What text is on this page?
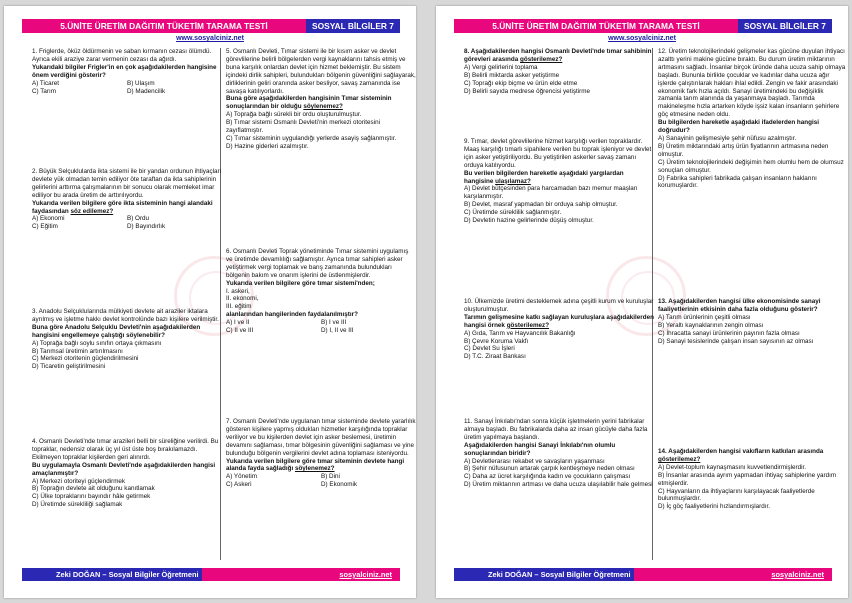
5.ÜNİTE ÜRETİM DAĞITIM TÜKETİM TARAMA TESTİ	SOSYAL BİLGİLER 7
www.sosyalciniz.net
1. Friglerde, öküz öldürmenin ve saban kırmanın cezası ölümdü. Ayrıca ekili araziye zarar vermenin cezası da ağırdı.
Yukarıdaki bilgiler Frigler'in en çok aşağıdakilerden hangisine önem verdiğini gösterir?
A) Ticaret	B) Ulaşım
C) Tarım	D) Madencilik
2. Büyük Selçuklularda ikta sistemi ile bir yandan ordunun ihtiyaçları devlete yük olmadan temin ediliyor öte taraftan da ikta sahiplerinin gelirlerini arttırma çalışmalarının bir sonucu olarak memleket imar ediliyor bu arada üretim de arttırılıyordu.
Yukarıda verilen bilgilere göre ikta sisteminin hangi alandaki faydasından söz edilemez?
A) Ekonomi	B) Ordu
C) Eğitim	D) Bayındırlık
3. Anadolu Selçuklularında mülkiyeti devlete ait araziler iktalara ayrılmış ve işletme hakkı devlet kontrolünde bazı kişilere verilmiştir.
Buna göre Anadolu Selçuklu Devleti'nin aşağıdakilerden hangisini engellemeye çalıştığı söylenebilir?
A) Toprağa bağlı soylu sınıfın ortaya çıkmasını
B) Tarımsal üretimin artırılmasını
C) Merkezi otoritenin güçlendirilmesini
D) Ticaretin geliştirilmesini
4. Osmanlı Devleti'nde tımar arazileri belli bir süreliğine verilirdi. Bu topraklar, nedensiz olarak üç yıl üst üste boş bırakılamazdı. Ekilmeyen topraklar kişilerden geri alınırdı.
Bu uygulamayla Osmanlı Devleti'nde aşağıdakilerden hangisi amaçlanmıştır?
A) Merkezi otoriteyi güçlendirmek
B) Toprağın devlete ait olduğunu kanıtlamak
C) Ülke topraklarını bayındır hâle getirmek
D) Üretimde sürekliliği sağlamak
5. Osmanlı Devleti, Tımar sistemi ile bir kısım asker ve devlet görevlilerine belirli bölgelerden vergi kaynaklarını tahsis etmiş ve buna karşılık onlardan devlet için hizmet beklemiştir. Bu sistem içindeki dirlik sahipleri, bulundukları bölgenin güvenliğini sağlayarak, dirliklerinin geliri oranında asker besliyor, savaş zamanında ise savaşa katılıyorlardı.
Buna göre aşağıdakilerden hangisinin Tımar sisteminin sonuçlarından bir olduğu söylenemez?
A) Toprağa bağlı sürekli bir ordu oluşturulmuştur.
B) Tımar sistemi Osmanlı Devleti'nin merkezi otoritesini zayıflatmıştır.
C) Tımar sisteminin uygulandığı yerlerde asayiş sağlanmıştır.
D) Hazine giderleri azalmıştır.
6. Osmanlı Devleti Toprak yönetiminde Tımar sistemini uygulamış ve üretimde devamlılığı sağlamıştır. Ayrıca tımar sahipleri asker yetiştirmek vergi toplamak ve barış zamanında bulundukları bölgenin bakım ve onarım işlerini de üstlenmişlerdir.
Yukarıda verilen bilgilere göre tımar sistemi'nden;
I. askeri,
II. ekonomi,
III. eğitim
alanlarından hangilerinden faydalanılmıştır?
A) I ve II	B) I ve III
C) II ve III	D) I, II ve III
7. Osmanlı Devleti'nde uygulanan tımar sisteminde devlete yararlılık gösteren kişilere yapmış oldukları hizmetler karşılığında topraklar veriliyor ve bu kişilerden devlet için asker beslemesi, üretimin devamını sağlaması, tımar bölgesinin güvenliğini sağlaması ve yine bulunduğu bölgenin vergilerini devlet adına toplaması isteniyordu.
Yukarıda verilen bilgilere göre tımar siteminin devlete hangi alanda fayda sağladığı söylenemez?
A) Yönetim	B) Dini
C) Askeri	D) Ekonomik
Zeki DOĞAN – Sosyal Bilgiler Öğretmeni	sosyalciniz.net
5.ÜNİTE ÜRETİM DAĞITIM TÜKETİM TARAMA TESTİ	SOSYAL BİLGİLER 7
www.sosyalciniz.net
8. Aşağıdakilerden hangisi Osmanlı Devleti'nde tımar sahibinin görevleri arasında gösterilemez?
A) Vergi gelirlerini toplama
B) Belirli miktarda asker yetiştirme
C) Toprağı ekip biçme ve ürün elde etme
D) Belirli sayıda medrese öğrencisi yetiştirme
9. Tımar, devlet görevlilerine hizmet karşılığı verilen topraklardır. Maaş karşılığı tımarlı sipahilere verilen bu toprak işleniyor ve devlet için asker yetiştiriliyordu. Bu yetiştirilen askerler savaş zamanı orduya katılıyordu.
Bu verilen bilgilerden hareketle aşağıdaki yargılardan hangisine ulaşılamaz?
A) Devlet bütçesinden para harcamadan bazı memur maaşları karşılanmıştır.
B) Devlet, masraf yapmadan bir orduya sahip olmuştur.
C) Üretimde süreklilik sağlanmıştır.
D) Devletin hazine gelirlerinde düşüş olmuştur.
10. Ülkemizde üretimi desteklemek adına çeşitli kurum ve kuruluşlar oluşturulmuştur.
Tarımın gelişmesine katkı sağlayan kuruluşlara aşağıdakilerden hangisi örnek gösterilemez?
A) Gıda, Tarım ve Hayvancılık Bakanlığı
B) Çevre Koruma Vakfı
C) Devlet Su İşleri
D) T.C. Ziraat Bankası
11. Sanayi İnkılabı'ndan sonra küçük işletmelerin yerini fabrikalar almaya başladı. Bu fabrikalarda daha az insan gücüyle daha fazla üretim yapılmaya başlandı.
Aşağıdakilerden hangisi Sanayi İnkılabı'nın olumlu sonuçlarından biridir?
A) Devletlerarası rekabet ve savaşların yaşanması
B) Şehir nüfusunun artarak çarpık kentleşmeye neden olması
C) Daha az ücret karşılığında kadın ve çocukların çalışması
D) Üretim miktarının artması ve daha ucuza ulaşılabilir hale gelmesi
12. Üretim teknolojilerindeki gelişmeler kas gücüne duyulan ihtiyacı azalttı yerini makine gücüne bıraktı. Bu durum üretim miktarının artmasını sağladı. İnsanlar birçok üründe daha ucuza sahip olmaya başladı. Bununla birlikte çocuklar ve kadınlar daha ucuza ağır işlerde çalıştırılarak hakları ihlal edildi. Zengin ve fakir arasındaki ekonomik fark hızla açıldı. Sanayi üretimindeki bu değişiklik zamanla tarım alanında da yaşanmaya başladı. Tarımda makineleşme hızla artarken köyde işsiz kalan insanların şehirlere göç etmesine neden oldu.
Bu bilgilerden hareketle aşağıdaki ifadelerden hangisi doğrudur?
A) Sanayinin gelişmesiyle şehir nüfusu azalmıştır.
B) Üretim miktarındaki artış ürün fiyatlarının artmasına neden olmuştur.
C) Üretim teknolojilerindeki değişimin hem olumlu hem de olumsuz sonuçları olmuştur.
D) Fabrika sahipleri fabrikada çalışan insanların haklarını korumuşlardır.
13. Aşağıdakilerden hangisi ülke ekonomisinde sanayi faaliyetlerinin etkisinin daha fazla olduğunu gösterir?
A) Tarım ürünlerinin çeşitli olması
B) Yeraltı kaynaklarının zengin olması
C) İhracatta sanayi ürünlerinin payının fazla olması
D) Sanayi tesislerinde çalışan insan sayısının az olması
14. Aşağıdakilerden hangisi vakıfların katkıları arasında gösterilemez?
A) Devlet-toplum kaynaşmasını kuvvetlendirmişlerdir.
B) İnsanlar arasında ayrım yapmadan ihtiyaç sahiplerine yardım etmişlerdir.
C) Hayvanların da ihtiyaçlarını karşılayacak faaliyetlerde bulunmuşlardır.
D) İç göç faaliyetlerini hızlandırmışlardır.
Zeki DOĞAN – Sosyal Bilgiler Öğretmeni	sosyalciniz.net
